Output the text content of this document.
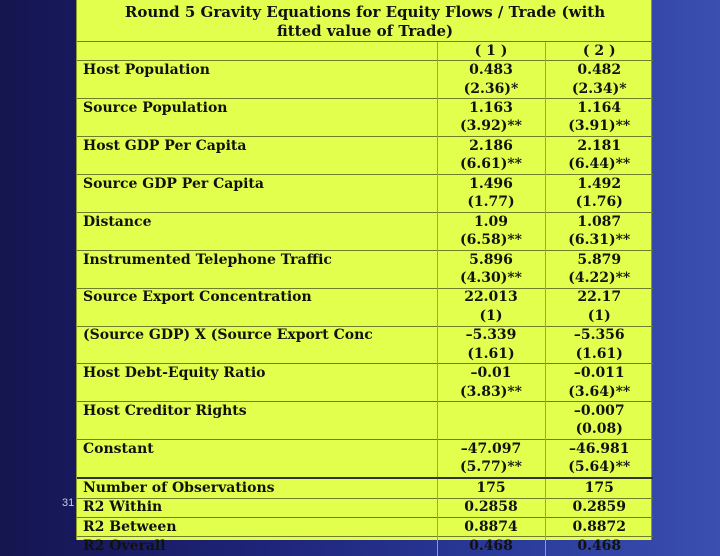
31
Round 5 Gravity Equations for Equity Flows / Trade (with
fitted value of Trade)
	( 1 )	( 2 )
Host Population	0.483	0.482
	(2.36)*	(2.34)*
Source Population	1.163	1.164
	(3.92)**	(3.91)**
Host GDP Per Capita	2.186	2.181
	(6.61)**	(6.44)**
Source GDP Per Capita	1.496	1.492
	(1.77)	(1.76)
Distance	1.09	1.087
	(6.58)**	(6.31)**
Instrumented Telephone Traffic	5.896	5.879
	(4.30)**	(4.22)**
Source Export Concentration	22.013	22.17
	(1)	(1)
(Source GDP) X (Source Export Conc	–5.339	–5.356
	(1.61)	(1.61)
Host Debt-Equity Ratio	–0.01	–0.011
	(3.83)**	(3.64)**
Host Creditor Rights		–0.007
		(0.08)
Constant	–47.097	–46.981
	(5.77)**	(5.64)**
Number of Observations	175	175
R2 Within	0.2858	0.2859
R2 Between	0.8874	0.8872
R2 Overall	0.468	0.468
